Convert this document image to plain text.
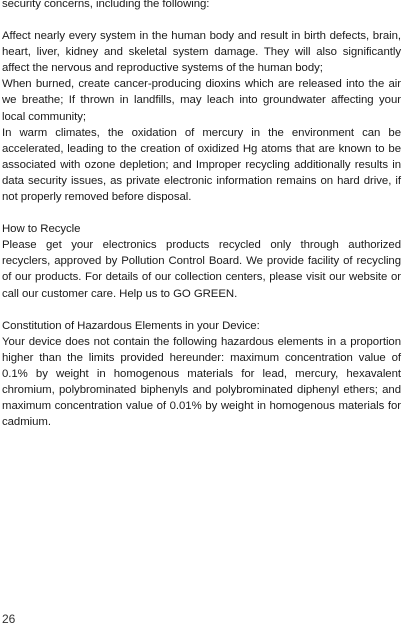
security concerns, including the following:

Affect nearly every system in the human body and result in birth defects, brain, heart, liver, kidney and skeletal system damage. They will also significantly affect the nervous and reproductive systems of the human body;

When burned, create cancer-producing dioxins which are released into the air we breathe; If thrown in landfills, may leach into groundwater affecting your local community;

In warm climates, the oxidation of mercury in the environment can be accelerated, leading to the creation of oxidized Hg atoms that are known to be associated with ozone depletion; and Improper recycling additionally results in data security issues, as private electronic information remains on hard drive, if not properly removed before disposal.

How to Recycle

Please get your electronics products recycled only through authorized recyclers, approved by Pollution Control Board. We provide facility of recycling of our products. For details of our collection centers, please visit our website or call our customer care. Help us to GO GREEN.

Constitution of Hazardous Elements in your Device:

Your device does not contain the following hazardous elements in a proportion higher than the limits provided hereunder: maximum concentration value of 0.1% by weight in homogenous materials for lead, mercury, hexavalent chromium, polybrominated biphenyls and polybrominated diphenyl ethers; and maximum concentration value of 0.01% by weight in homogenous materials for cadmium.

26
